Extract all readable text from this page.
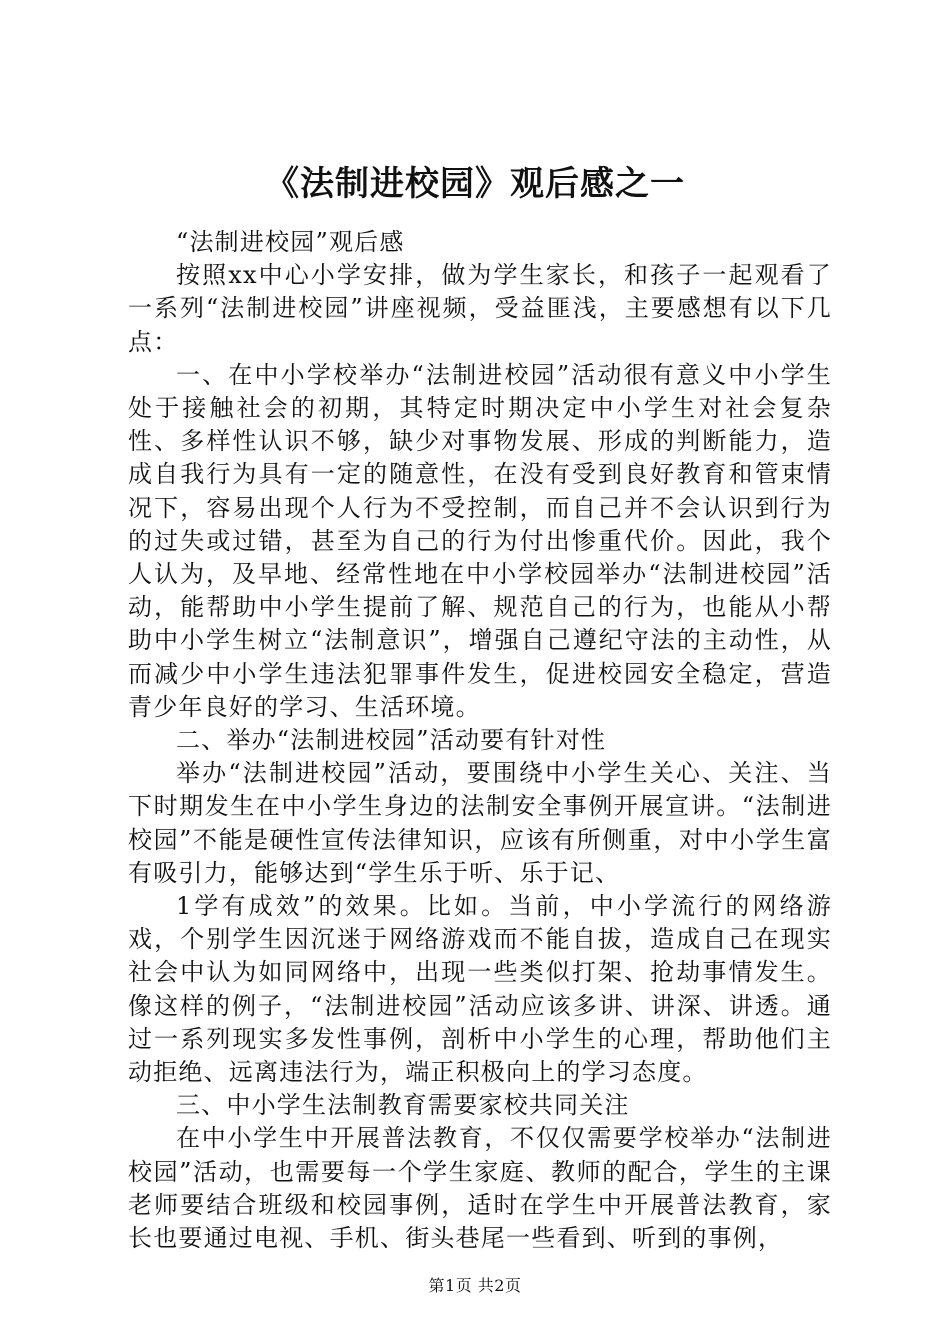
《法制进校园》观后感之一

“法制进校园”观后感

按照xx中心小学安排，做为学生家长，和孩子一起观看了一系列“法制进校园”讲座视频，受益匪浅，主要感想有以下几点：

一、在中小学校举办“法制进校园”活动很有意义中小学生处于接触社会的初期，其特定时期决定中小学生对社会复杂性、多样性认识不够，缺少对事物发展、形成的判断能力，造成自我行为具有一定的随意性，在没有受到良好教育和管束情况下，容易出现个人行为不受控制，而自己并不会认识到行为的过失或过错，甚至为自己的行为付出惨重代价。因此，我个人认为，及早地、经常性地在中小学校园举办“法制进校园”活动，能帮助中小学生提前了解、规范自己的行为，也能从小帮助中小学生树立“法制意识”，增强自己遵纪守法的主动性，从而减少中小学生违法犯罪事件发生，促进校园安全稳定，营造青少年良好的学习、生活环境。

二、举办“法制进校园”活动要有针对性

举办“法制进校园”活动，要围绕中小学生关心、关注、当下时期发生在中小学生身边的法制安全事例开展宣讲。“法制进校园”不能是硬性宣传法律知识，应该有所侧重，对中小学生富有吸引力，能够达到“学生乐于听、乐于记、

1学有成效”的效果。比如。当前，中小学流行的网络游戏，个别学生因沉迷于网络游戏而不能自拔，造成自己在现实社会中认为如同网络中，出现一些类似打架、抢劫事情发生。像这样的例子，“法制进校园”活动应该多讲、讲深、讲透。通过一系列现实多发性事例，剖析中小学生的心理，帮助他们主动拒绝、远离违法行为，端正积极向上的学习态度。

三、中小学生法制教育需要家校共同关注

在中小学生中开展普法教育，不仅仅需要学校举办“法制进校园”活动，也需要每一个学生家庭、教师的配合，学生的主课老师要结合班级和校园事例，适时在学生中开展普法教育，家长也要通过电视、手机、街头巷尾一些看到、听到的事例，

第1页 共2页
